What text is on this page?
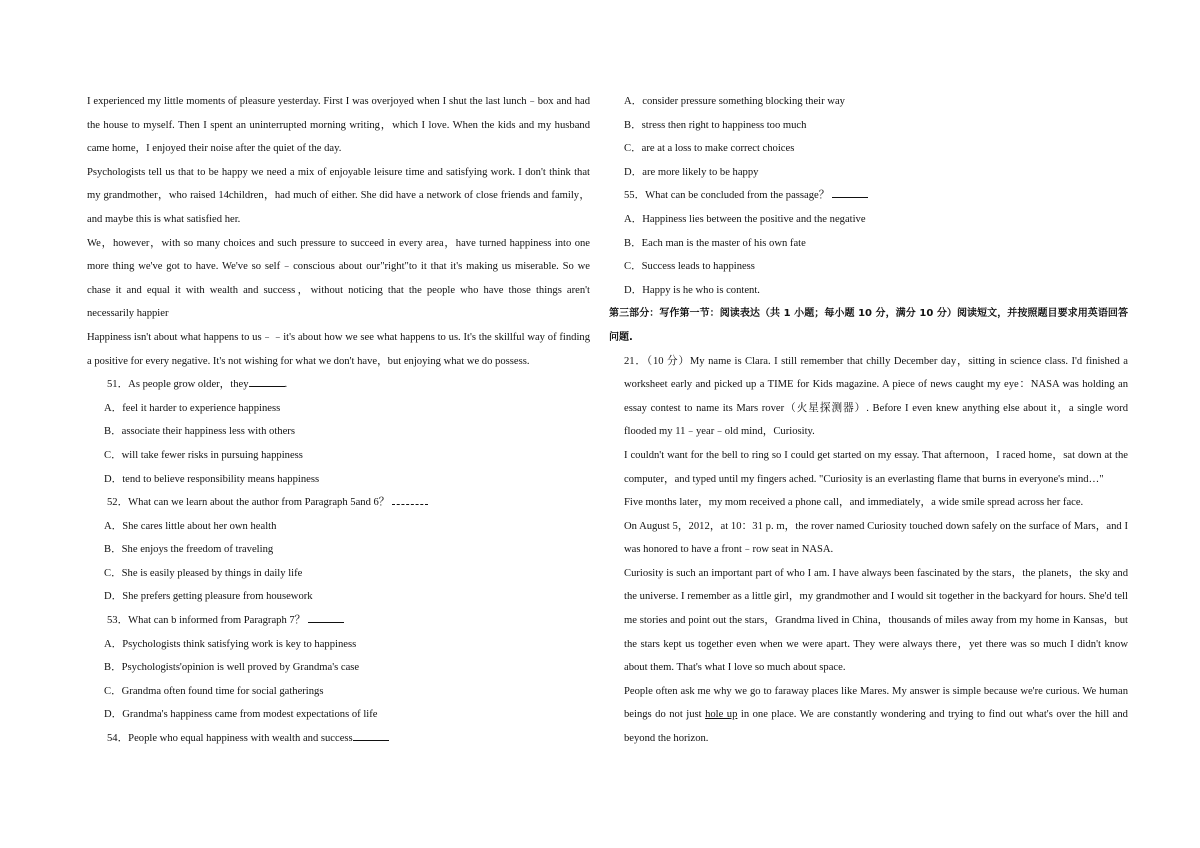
I experienced my little moments of pleasure yesterday. First I was overjoyed when I shut the last lunch﹣box and had the house to myself. Then I spent an uninterrupted morning writing，which I love. When the kids and my husband came home，I enjoyed their noise after the quiet of the day.

Psychologists tell us that to be happy we need a mix of enjoyable leisure time and satisfying work. I don't think that my grandmother，who raised 14children，had much of either. She did have a network of close friends and family，and maybe this is what satisfied her.

We，however，with so many choices and such pressure to succeed in every area，have turned happiness into one more thing we've got to have. We've so self﹣conscious about our"right"to it that it's making us miserable. So we chase it and equal it with wealth and success，without noticing that the people who have those things aren't necessarily happier

Happiness isn't about what happens to us﹣﹣it's about how we see what happens to us. It's the skillful way of finding a positive for every negative. It's not wishing for what we don't have，but enjoying what we do possess.

51．As people grow older，they	.

A．feel it harder to experience happiness

B．associate their happiness less with others

C．will take fewer risks in pursuing happiness

D．tend to believe responsibility means happiness

52．What can we learn about the author from Paragraph 5and 6？

A．She cares little about her own health

B．She enjoys the freedom of traveling

C．She is easily pleased by things in daily life

D．She prefers getting pleasure from housework

53．What can b informed from Paragraph 7？

A．Psychologists think satisfying work is key to happiness

B．Psychologists'opinion is well proved by Grandma's case

C．Grandma often found time for social gatherings

D．Grandma's happiness came from modest expectations of life

54．People who equal happiness with wealth and success

A．consider pressure something blocking their way

B．stress then right to happiness too much

C．are at a loss to make correct choices

D．are more likely to be happy

55．What can be concluded from the passage？

A．Happiness lies between the positive and the negative

B．Each man is the master of his own fate

C．Success leads to happiness

D．Happy is he who is content.

第三部分：写作第一节：阅读表达（共 1 小题；每小题 10 分，满分 10 分）阅读短文，并按照题目要求用英语回答问题.

21．（10 分）My name is Clara. I still remember that chilly December day，sitting in science class. I'd finished a worksheet early and picked up a TIME for Kids magazine. A piece of news caught my eye：NASA was holding an essay contest to name its Mars rover（火星探测器）. Before I even knew anything else about it，a single word flooded my 11﹣year﹣old mind，Curiosity.

I couldn't want for the bell to ring so I could get started on my essay. That afternoon，I raced home，sat down at the computer，and typed until my fingers ached. "Curiosity is an everlasting flame that burns in everyone's mind…"

Five months later，my mom received a phone call，and immediately，a wide smile spread across her face.

On August 5，2012，at 10：31 p. m，the rover named Curiosity touched down safely on the surface of Mars，and I was honored to have a front﹣row seat in NASA.

Curiosity is such an important part of who I am. I have always been fascinated by the stars，the planets，the sky and the universe. I remember as a little girl，my grandmother and I would sit together in the backyard for hours. She'd tell me stories and point out the stars，Grandma lived in China，thousands of miles away from my home in Kansas，but the stars kept us together even when we were apart. They were always there，yet there was so much I didn't know about them. That's what I love so much about space.

People often ask me why we go to faraway places like Mares. My answer is simple because we're curious. We human beings do not just hole up in one place. We are constantly wondering and trying to find out what's over the hill and beyond the horizon.
